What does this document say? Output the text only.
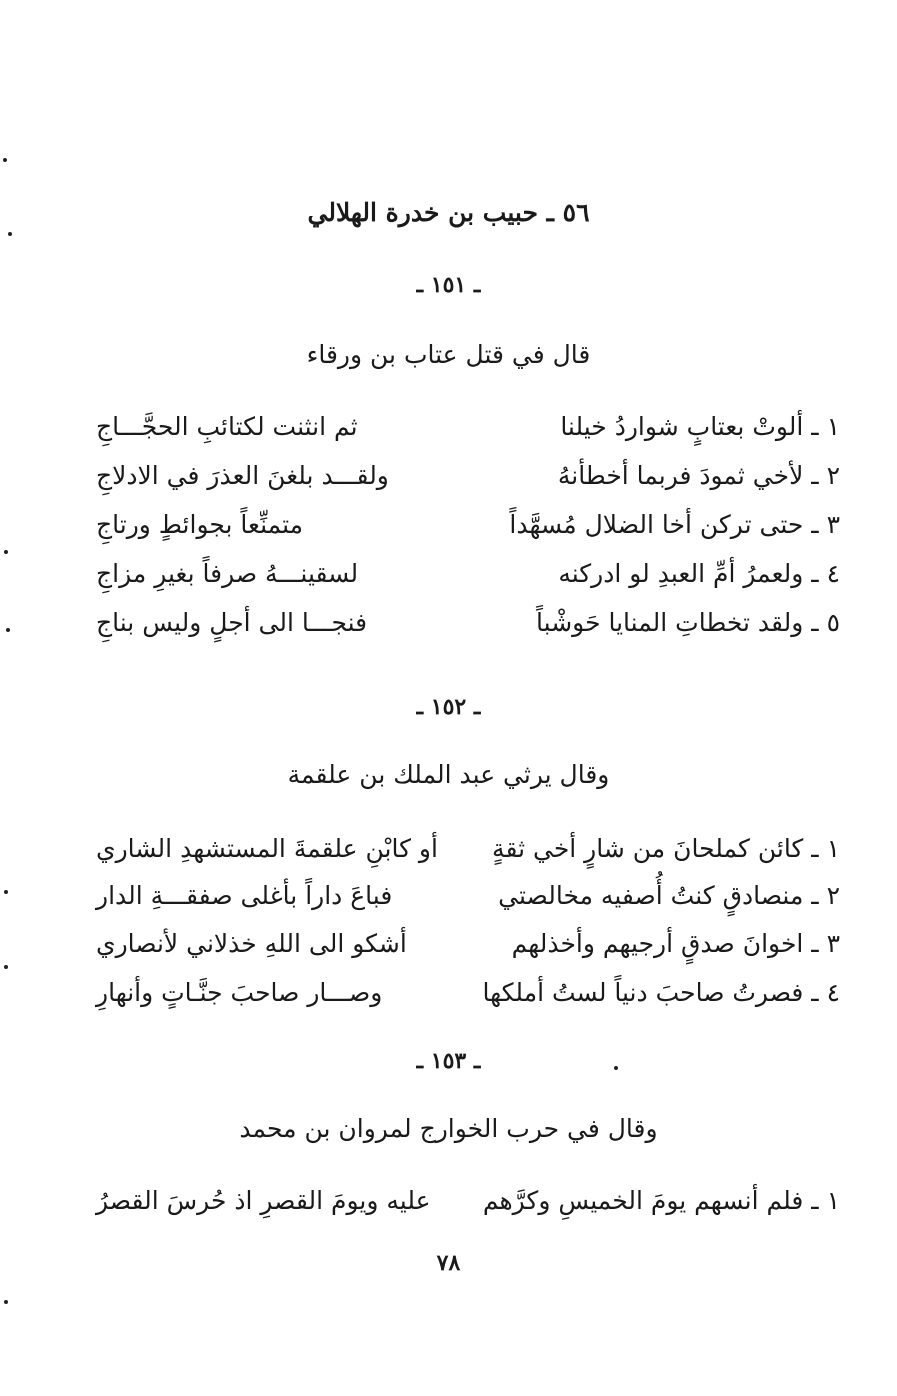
٥٦ ـ حبيب بن خدرة الهلالي
ـ ١٥١ ـ
قال في قتل عتاب بن ورقاء
١ ـ ألوتْ بعتابٍ شواردُ خيلنا
ثم انثنت لكتائبِ الحجَّـــاجِ
٢ ـ لأخي ثمودَ فربما أخطأنهُ
ولقـــد بلغنَ العذرَ في الادلاجِ
٣ ـ حتى تركن أخا الضلال مُسهَّداً
متمنِّعاً بجوائطٍ ورتاجِ
٤ ـ ولعمرُ أمِّ العبدِ لو ادركنه
لسقينـــهُ صرفاً بغيرِ مزاجِ
٥ ـ ولقد تخطاتِ المنايا حَوشْباً
فنجـــا الى أجلٍ وليس بناجِ
ـ ١٥٢ ـ
وقال يرثي عبد الملك بن علقمة
١ ـ كائن كملحانَ من شارٍ أخي ثقةٍ
أو كابْنِ علقمةَ المستشهدِ الشاري
٢ ـ منصادقٍ كنتُ أُصفيه مخالصتي
فباعَ داراً بأغلى صفقـــةِ الدار
٣ ـ اخوانَ صدقٍ أرجيهم وأخذلهم
أشكو الى اللهِ خذلاني لأنصاري
٤ ـ فصرتُ صاحبَ دنياً لستُ أملكها
وصـــار صاحبَ جنَّـاتٍ وأنهارِ
ـ ١٥٣ ـ
وقال في حرب الخوارج لمروان بن محمد
١ ـ فلم أنسهم يومَ الخميسِ وكرَّهم
عليه ويومَ القصرِ اذ حُرسَ القصرُ
٧٨
